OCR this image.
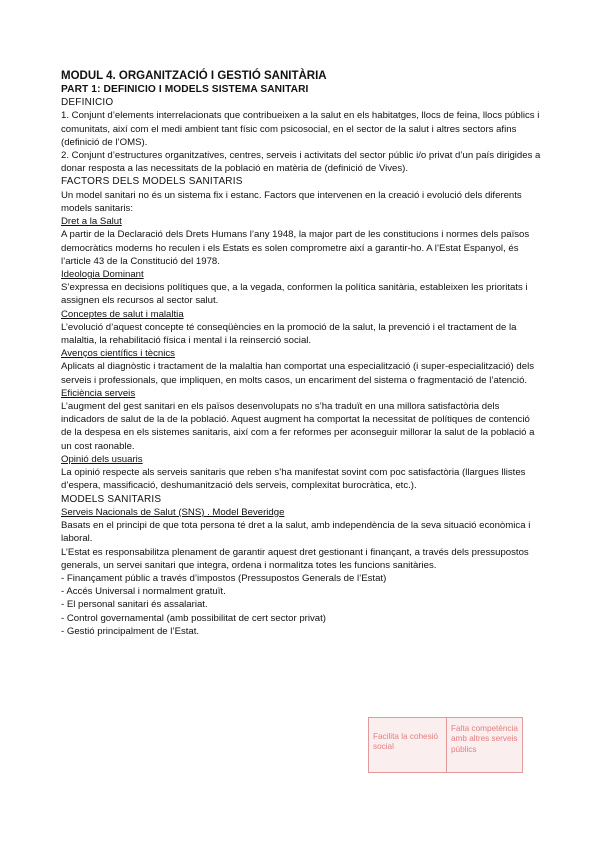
MODUL 4. ORGANITZACIÓ I GESTIÓ SANITÀRIA

PART 1: DEFINICIO I MODELS SISTEMA SANITARI

DEFINICIO

1. Conjunt d’elements interrelacionats que contribueixen a la salut en els habitatges, llocs de feina, llocs públics i comunitats, així com el medi ambient tant físic com psicosocial, en el sector de la salut i altres sectors afins (definició de l’OMS).

2. Conjunt d’estructures organitzatives, centres, serveis i activitats del sector públic i/o privat d’un país dirigides a donar resposta a las necessitats de la població en matèria de (definició de Vives).

FACTORS DELS MODELS SANITARIS

Un model sanitari no és un sistema fix i estanc. Factors que intervenen en la creació i evolució dels diferents models sanitaris:

Dret a la Salut

A partir de la Declaració dels Drets Humans l’any 1948, la major part de les constitucions i normes dels països democràtics moderns ho reculen i els Estats es solen comprometre així a garantir-ho. A l’Estat Espanyol, és l’article 43 de la Constitució del 1978.

Ideologia Dominant

S’expressa en decisions polítiques que, a la vegada, conformen la política sanitària, estableixen les prioritats i assignen els recursos al sector salut.

Conceptes de salut i malaltia

L’evolució d’aquest concepte té conseqüències en la promoció de la salut, la prevenció i el tractament de la malaltia, la rehabilitació física i mental i la reinserció social.

Avenços científics i tècnics

Aplicats al diagnòstic i tractament de la malaltia han comportat una especialització (i super-especialització) dels serveis i professionals, que impliquen, en molts casos, un encariment del sistema o fragmentació de l’atenció.

Eficiència serveis

L’augment del gest sanitari en els països desenvolupats no s’ha traduït en una millora satisfactòria dels indicadors de salut de la de la població. Aquest augment ha comportat la necessitat de polítiques de contenció de la despesa en els sistemes sanitaris, així com a fer reformes per aconseguir millorar la salut de la població a un cost raonable.

Opinió dels usuaris

La opinió respecte als serveis sanitaris que reben s’ha manifestat sovint com poc satisfactòria (llargues llistes d’espera, massificació, deshumanització dels serveis, complexitat burocràtica, etc.).

MODELS SANITARIS

Serveis Nacionals de Salut (SNS) . Model Beveridge

Basats en el principi de que tota persona té dret a la salut, amb independència de la seva situació econòmica i laboral.

L’Estat es responsabilitza plenament de garantir aquest dret gestionant i finançant, a través dels pressupostos generals, un servei sanitari que integra, ordena i normalitza totes les funcions sanitàries.

- Finançament públic a través d’impostos (Pressupostos Generals de l’Estat)

- Accés Universal i normalment gratuït.

- El personal sanitari és assalariat.

- Control governamental (amb possibilitat de cert sector privat)

- Gestió principalment de l’Estat.

Facilita la cohesió social
Falta competència amb altres serveis públics
